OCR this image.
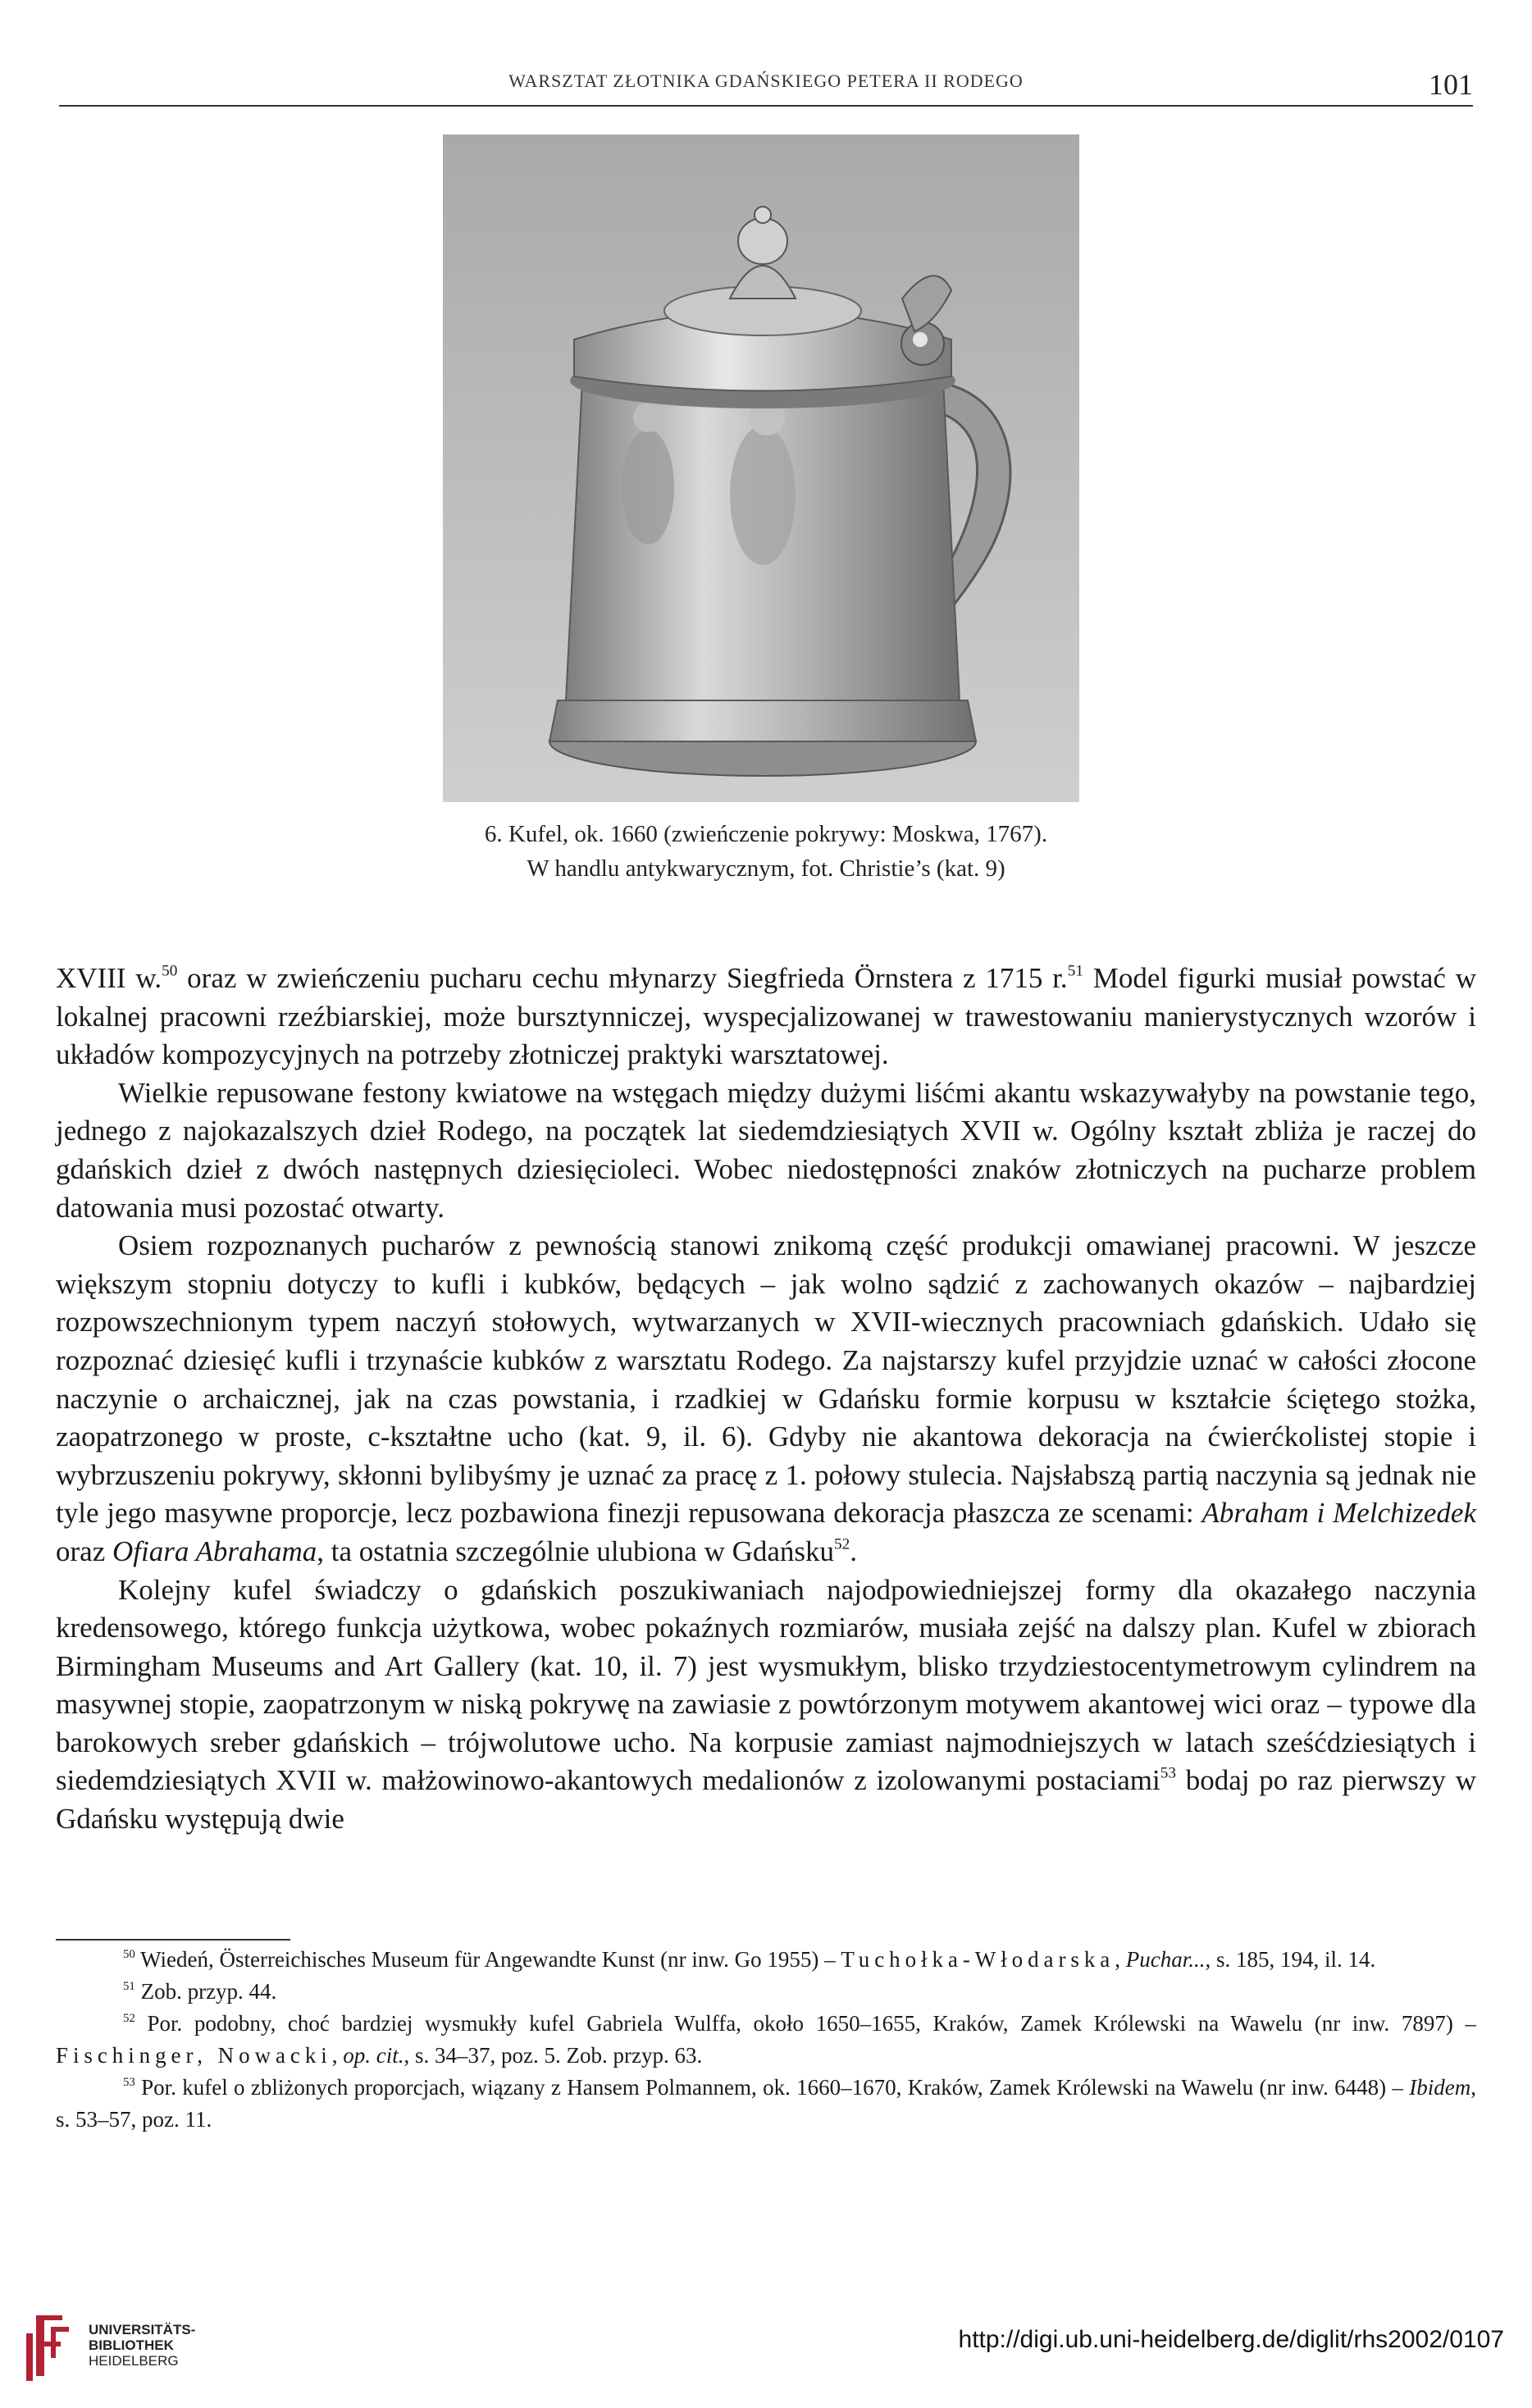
WARSZTAT ZŁOTNIKA GDAŃSKIEGO PETERA II RODEGO	101
6. Kufel, ok. 1660 (zwieńczenie pokrywy: Moskwa, 1767).
W handlu antykwarycznym, fot. Christie’s (kat. 9)

XVIII w.$^{50}$ oraz w zwieńczeniu pucharu cechu młynarzy Siegfrieda Örnstera z 1715 r.$^{51}$ Model figurki musiał powstać w lokalnej pracowni rzeźbiarskiej, może bursztynniczej, wyspecjalizowanej w trawestowaniu manierystycznych wzorów i układów kompozycyjnych na potrzeby złotniczej praktyki warsztatowej.

Wielkie repusowane festony kwiatowe na wstęgach między dużymi liśćmi akantu wskazywałyby na powstanie tego, jednego z najokazalszych dzieł Rodego, na początek lat siedemdziesiątych XVII w. Ogólny kształt zbliża je raczej do gdańskich dzieł z dwóch następnych dziesięcioleci. Wobec niedostępności znaków złotniczych na pucharze problem datowania musi pozostać otwarty.

Osiem rozpoznanych pucharów z pewnością stanowi znikomą część produkcji omawianej pracowni. W jeszcze większym stopniu dotyczy to kufli i kubków, będących – jak wolno sądzić z zachowanych okazów – najbardziej rozpowszechnionym typem naczyń stołowych, wytwarzanych w XVII-wiecznych pracowniach gdańskich. Udało się rozpoznać dziesięć kufli i trzynaście kubków z warsztatu Rodego. Za najstarszy kufel przyjdzie uznać w całości złocone naczynie o archaicznej, jak na czas powstania, i rzadkiej w Gdańsku formie korpusu w kształcie ściętego stożka, zaopatrzonego w proste, c-kształtne ucho (kat. 9, il. 6). Gdyby nie akantowa dekoracja na ćwierćkolistej stopie i wybrzuszeniu pokrywy, skłonni bylibyśmy je uznać za pracę z 1. połowy stulecia. Najsłabszą partią naczynia są jednak nie tyle jego masywne proporcje, lecz pozbawiona finezji repusowana dekoracja płaszcza ze scenami: Abraham i Melchizedek oraz Ofiara Abrahama, ta ostatnia szczególnie ulubiona w Gdańsku$^{52}$.

Kolejny kufel świadczy o gdańskich poszukiwaniach najodpowiedniejszej formy dla okazałego naczynia kredensowego, którego funkcja użytkowa, wobec pokaźnych rozmiarów, musiała zejść na dalszy plan. Kufel w zbiorach Birmingham Museums and Art Gallery (kat. 10, il. 7) jest wysmukłym, blisko trzydziestocentymetrowym cylindrem na masywnej stopie, zaopatrzonym w niską pokrywę na zawiasie z powtórzonym motywem akantowej wici oraz – typowe dla barokowych sreber gdańskich – trójwolutowe ucho. Na korpusie zamiast najmodniejszych w latach sześćdziesiątych i siedemdziesiątych XVII w. małżowinowo-akantowych medalionów z izolowanymi postaciami$^{53}$ bodaj po raz pierwszy w Gdańsku występują dwie

$^{50}$ Wiedeń, Österreichisches Museum für Angewandte Kunst (nr inw. Go 1955) – Tuchołka-Włodarska, Puchar..., s. 185, 194, il. 14.

$^{51}$ Zob. przyp. 44.

$^{52}$ Por. podobny, choć bardziej wysmukły kufel Gabriela Wulffa, około 1650–1655, Kraków, Zamek Królewski na Wawelu (nr inw. 7897) – Fischinger, Nowacki, op. cit., s. 34–37, poz. 5. Zob. przyp. 63.

$^{53}$ Por. kufel o zbliżonych proporcjach, wiązany z Hansem Polmannem, ok. 1660–1670, Kraków, Zamek Królewski na Wawelu (nr inw. 6448) – Ibidem, s. 53–57, poz. 11.

UNIVERSITÄTS-
BIBLIOTHEK
HEIDELBERG
http://digi.ub.uni-heidelberg.de/diglit/rhs2002/0107
